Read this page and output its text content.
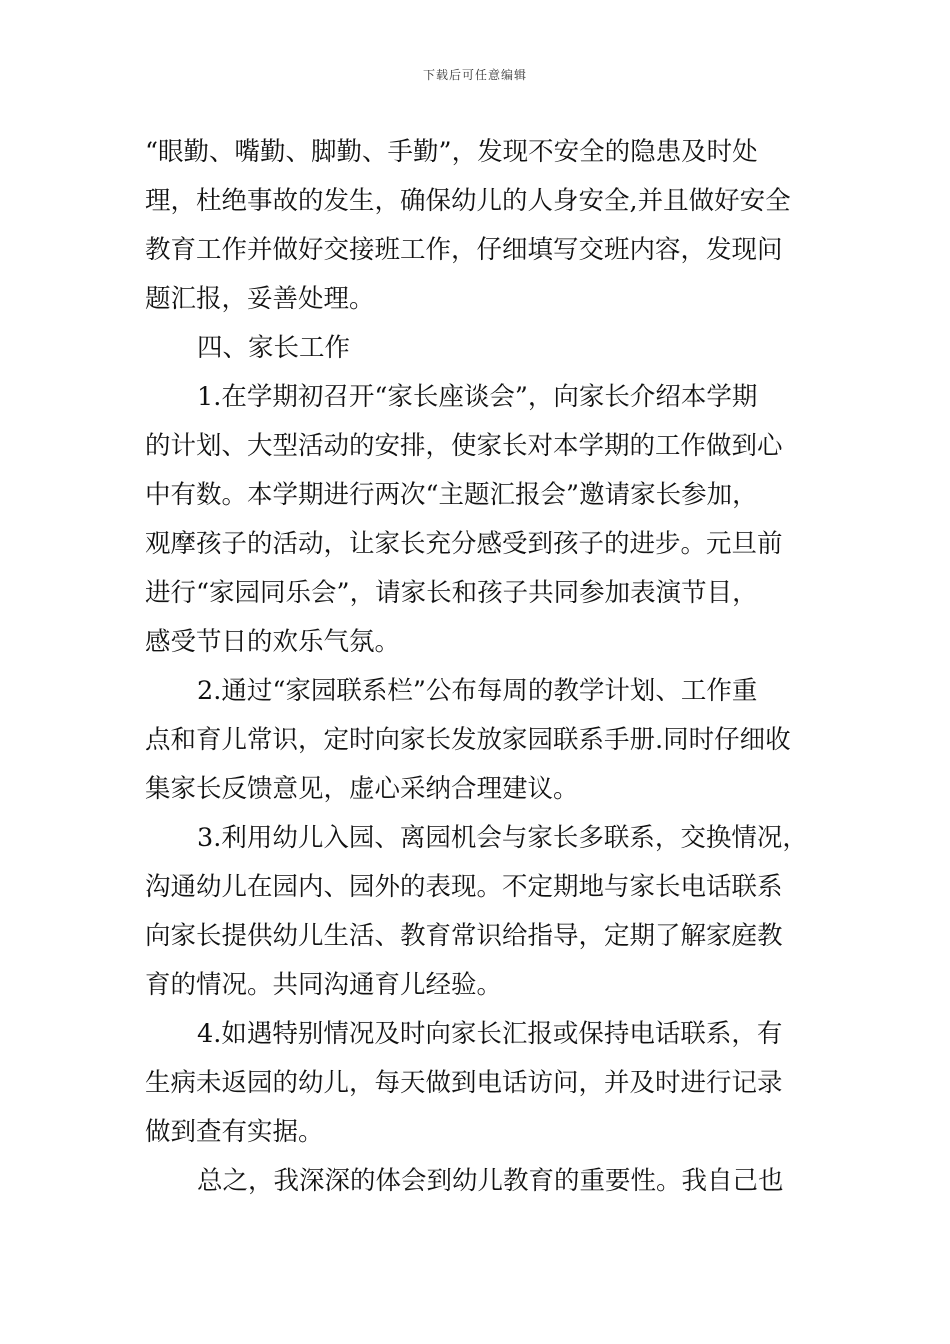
下载后可任意编辑
“眼勤、嘴勤、脚勤、手勤”，发现不安全的隐患及时处
理，杜绝事故的发生，确保幼儿的人身安全,并且做好安全
教育工作并做好交接班工作，仔细填写交班内容，发现问
题汇报，妥善处理。
四、家长工作
1.在学期初召开“家长座谈会”，向家长介绍本学期
的计划、大型活动的安排，使家长对本学期的工作做到心
中有数。本学期进行两次“主题汇报会”邀请家长参加，
观摩孩子的活动，让家长充分感受到孩子的进步。元旦前
进行“家园同乐会”，请家长和孩子共同参加表演节目，
感受节日的欢乐气氛。
2.通过“家园联系栏”公布每周的教学计划、工作重
点和育儿常识，定时向家长发放家园联系手册.同时仔细收
集家长反馈意见，虚心采纳合理建议。
3.利用幼儿入园、离园机会与家长多联系，交换情况，
沟通幼儿在园内、园外的表现。不定期地与家长电话联系
向家长提供幼儿生活、教育常识给指导，定期了解家庭教
育的情况。共同沟通育儿经验。
4.如遇特别情况及时向家长汇报或保持电话联系，有
生病未返园的幼儿，每天做到电话访问，并及时进行记录
做到查有实据。
总之，我深深的体会到幼儿教育的重要性。我自己也
